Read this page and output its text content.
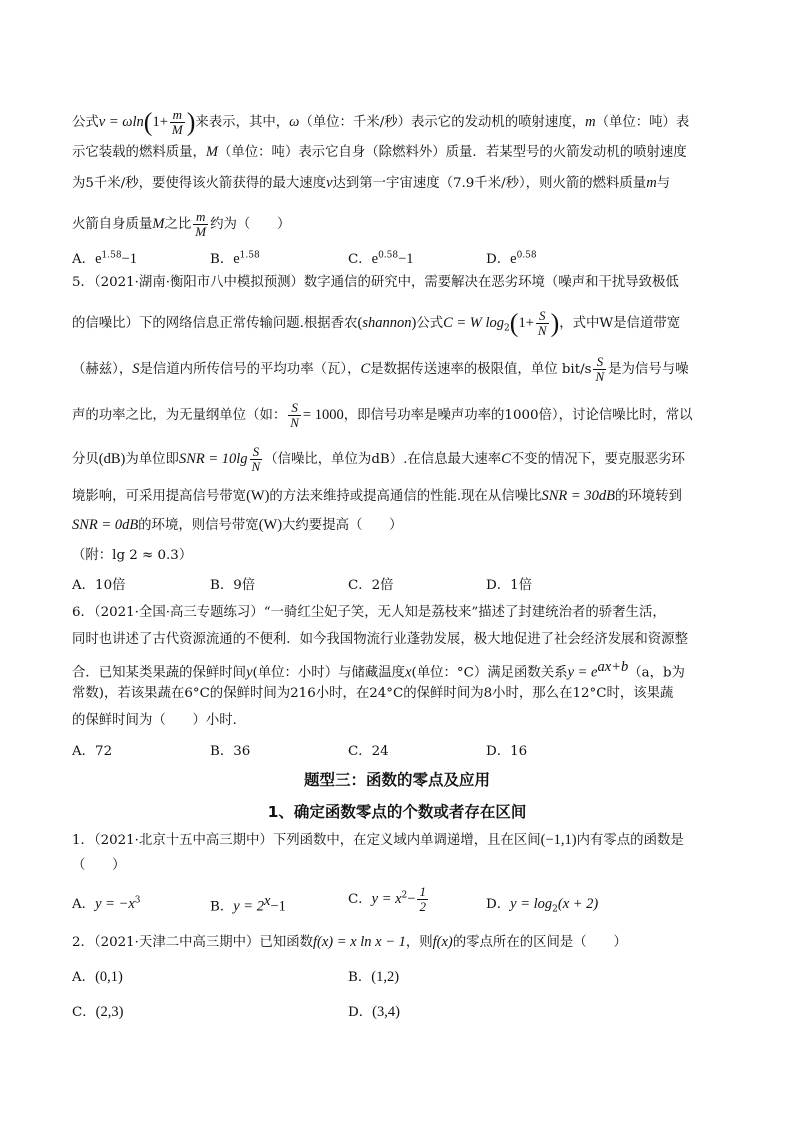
公式$v = \omega\ln(1+ \frac{m}{M}$ )来表示，其中，ω（单位：千米/秒）表示它的发动机的喷射速度，m（单位：吨）表
示它装载的燃料质量，M（单位：吨）表示它自身（除燃料外）质量．若某型号的火箭发动机的喷射速度
为5千米/秒，要使得该火箭获得的最大速度v达到第一宇宙速度（7.9千米/秒），则火箭的燃料质量m与
火箭自身质量M之比 $\frac{m}{M}$ 约为（　　）
A．$e^{1.58}-1$	B．$e^{1.58}$	C．$e^{0.58}-1$	D．$e^{0.58}$
5．（2021·湖南·衡阳市八中模拟预测）数字通信的研究中，需要解决在恶劣环境（噪声和干扰导致极低
的信噪比）下的网络信息正常传输问题.根据香农(shannon)公式C = W $\log_2(1+ \frac{S}{N}$ )，式中W是信道带宽
（赫兹），S是信道内所传信号的平均功率（瓦），C是数据传送速率的极限值，单位 $bit/s \frac{S}{N}$ 是为信号与噪
声的功率之比，为无量纲单位（如： $\frac{S}{N} = 1000$，即信号功率是噪声功率的1000倍），讨论信噪比时，常以
分贝(dB)为单位即SNR = $10\lg \frac{S}{N}$ （信噪比，单位为dB）.在信息最大速率C不变的情况下，要克服恶劣环
境影响，可采用提高信号带宽(W)的方法来维持或提高通信的性能.现在从信噪比SNR = 30dB的环境转到
SNR = 0dB的环境，则信号带宽(W)大约要提高（　　）
（附：lg 2 ≈ 0.3）
A．10倍	B．9倍	C．2倍	D．1倍
6．（2021·全国·高三专题练习）“一骑红尘妃子笑，无人知是荔枝来”描述了封建统治者的骄奢生活，
同时也讲述了古代资源流通的不便利．如今我国物流行业蓬勃发展，极大地促进了社会经济发展和资源整
合．已知某类果蔬的保鲜时间y(单位：小时）与储藏温度x(单位：°C）满足函数关系$y = e^{ax+b}(a$，b为
常数)，若该果蔬在6°C的保鲜时间为216小时，在24°C的保鲜时间为8小时，那么在12°C时，该果蔬
的保鲜时间为（　　）小时．
A．72	B．36	C．24	D．16
题型三：函数的零点及应用
1、确定函数零点的个数或者存在区间
1．（2021·北京十五中高三期中）下列函数中，在定义域内单调递增，且在区间(−1,1)内有零点的函数是
（　　）
A．$y = -x^3$	B．$y = 2^x-1$	C．$y = x^2- \frac{1}{2}$	D．$y = \log_2(x + 2)$
2．（2021·天津二中高三期中）已知函数f(x) = x ln x − 1，则f(x)的零点所在的区间是（　　）
A．(0,1)	B．(1,2)
C．(2,3)	D．(3,4)
